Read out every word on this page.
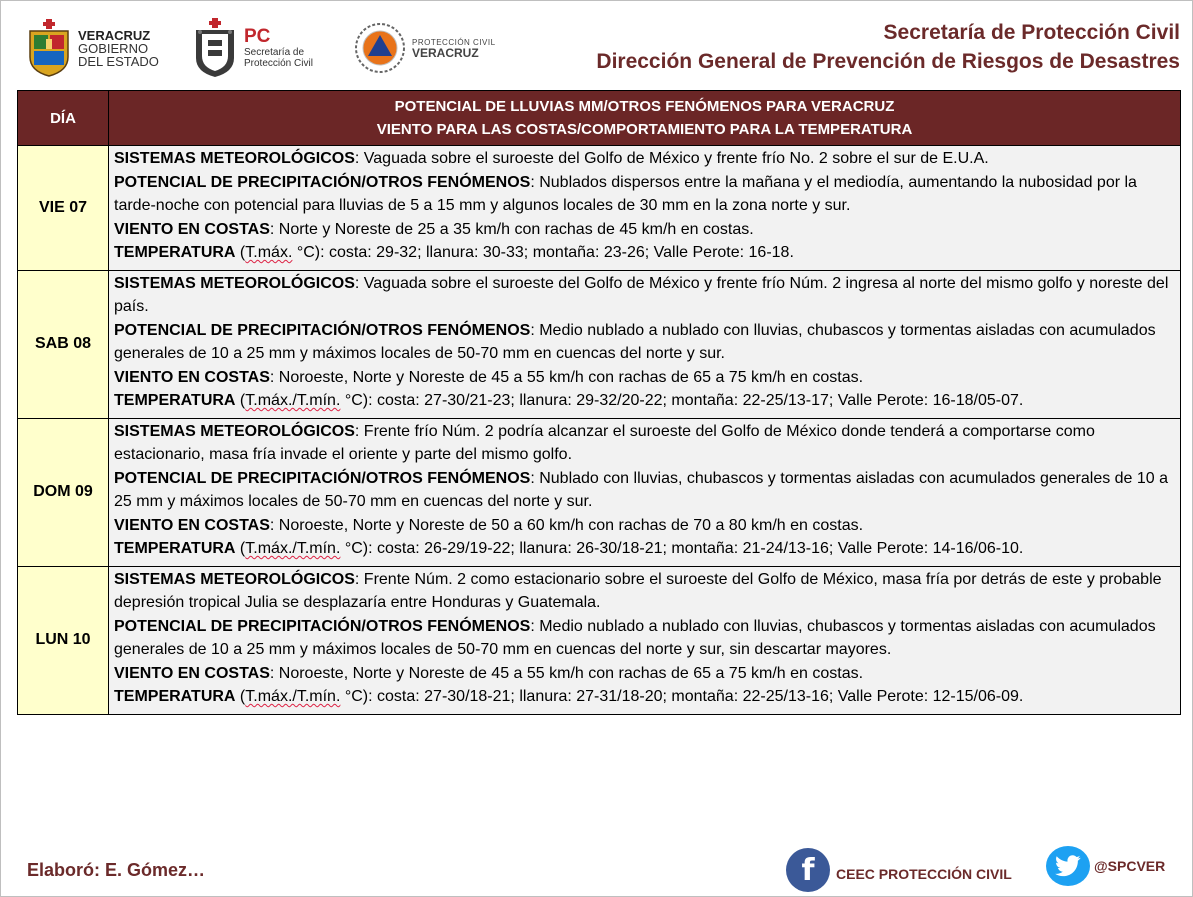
VERACRUZ
GOBIERNO
DEL ESTADO
PC
Secretaría de
Protección Civil
PROTECCIÓN CIVIL
VERACRUZ
Secretaría de Protección Civil
Dirección General de Prevención de Riesgos de Desastres
DÍA	POTENCIAL DE LLUVIAS MM/OTROS FENÓMENOS PARA VERACRUZ
VIENTO PARA LAS COSTAS/COMPORTAMIENTO PARA LA TEMPERATURA

VIE 07	SISTEMAS METEOROLÓGICOS: Vaguada sobre el suroeste del Golfo de México y frente frío No. 2 sobre el sur de E.U.A.
POTENCIAL DE PRECIPITACIÓN/OTROS FENÓMENOS: Nublados dispersos entre la mañana y el mediodía, aumentando la nubosidad por la tarde-noche con potencial para lluvias de 5 a 15 mm y algunos locales de 30 mm en la zona norte y sur.
VIENTO EN COSTAS: Norte y Noreste de 25 a 35 km/h con rachas de 45 km/h en costas.
TEMPERATURA (T.máx. °C): costa: 29-32; llanura: 30-33; montaña: 23-26; Valle Perote: 16-18.

SAB 08	SISTEMAS METEOROLÓGICOS: Vaguada sobre el suroeste del Golfo de México y frente frío Núm. 2 ingresa al norte del mismo golfo y noreste del país.
POTENCIAL DE PRECIPITACIÓN/OTROS FENÓMENOS: Medio nublado a nublado con lluvias, chubascos y tormentas aisladas con acumulados generales de 10 a 25 mm y máximos locales de 50-70 mm en cuencas del norte y sur.
VIENTO EN COSTAS: Noroeste, Norte y Noreste de 45 a 55 km/h con rachas de 65 a 75 km/h en costas.
TEMPERATURA (T.máx./T.mín. °C): costa: 27-30/21-23; llanura: 29-32/20-22; montaña: 22-25/13-17; Valle Perote: 16-18/05-07.

DOM 09	SISTEMAS METEOROLÓGICOS: Frente frío Núm. 2 podría alcanzar el suroeste del Golfo de México donde tenderá a comportarse como estacionario, masa fría invade el oriente y parte del mismo golfo.
POTENCIAL DE PRECIPITACIÓN/OTROS FENÓMENOS: Nublado con lluvias, chubascos y tormentas aisladas con acumulados generales de 10 a 25 mm y máximos locales de 50-70 mm en cuencas del norte y sur.
VIENTO EN COSTAS: Noroeste, Norte y Noreste de 50 a 60 km/h con rachas de 70 a 80 km/h en costas.
TEMPERATURA (T.máx./T.mín. °C): costa: 26-29/19-22; llanura: 26-30/18-21; montaña: 21-24/13-16; Valle Perote: 14-16/06-10.

LUN 10	SISTEMAS METEOROLÓGICOS: Frente Núm. 2 como estacionario sobre el suroeste del Golfo de México, masa fría por detrás de este y probable depresión tropical Julia se desplazaría entre Honduras y Guatemala.
POTENCIAL DE PRECIPITACIÓN/OTROS FENÓMENOS: Medio nublado a nublado con lluvias, chubascos y tormentas aisladas con acumulados generales de 10 a 25 mm y máximos locales de 50-70 mm en cuencas del norte y sur, sin descartar mayores.
VIENTO EN COSTAS: Noroeste, Norte y Noreste de 45 a 55 km/h con rachas de 65 a 75 km/h en costas.
TEMPERATURA (T.máx./T.mín. °C): costa: 27-30/18-21; llanura: 27-31/18-20; montaña: 22-25/13-16; Valle Perote: 12-15/06-09.
Elaboró: E. Gómez…	f	CEEC PROTECCIÓN CIVIL	@SPCVER
